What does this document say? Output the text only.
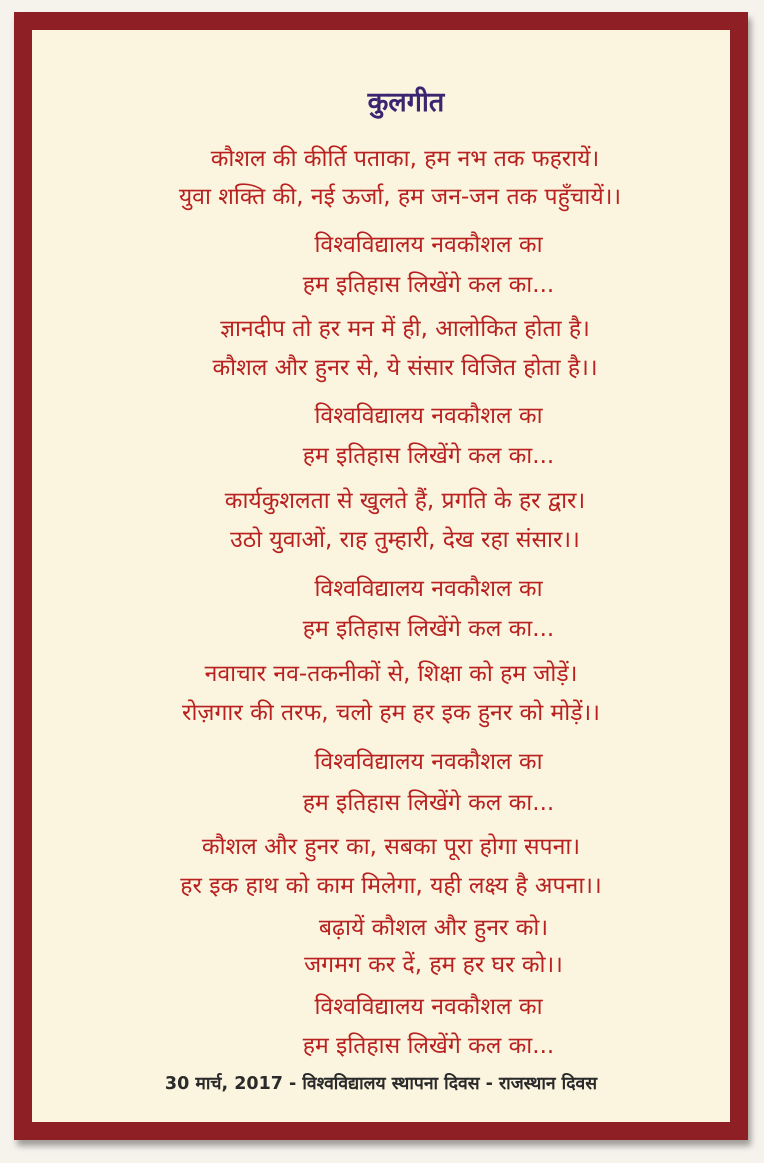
कुलगीत
कौशल की कीर्ति पताका, हम नभ तक फहरायें।
युवा शक्ति की, नई ऊर्जा, हम जन-जन तक पहुँचायें।।
विश्वविद्यालय नवकौशल का
हम इतिहास लिखेंगे कल का...
ज्ञानदीप तो हर मन में ही, आलोकित होता है।
कौशल और हुनर से, ये संसार विजित होता है।।
विश्वविद्यालय नवकौशल का
हम इतिहास लिखेंगे कल का...
कार्यकुशलता से खुलते हैं, प्रगति के हर द्वार।
उठो युवाओं, राह तुम्हारी, देख रहा संसार।।
विश्वविद्यालय नवकौशल का
हम इतिहास लिखेंगे कल का...
नवाचार नव-तकनीकों से, शिक्षा को हम जोड़ें।
रोज़गार की तरफ, चलो हम हर इक हुनर को मोड़ें।।
विश्वविद्यालय नवकौशल का
हम इतिहास लिखेंगे कल का...
कौशल और हुनर का, सबका पूरा होगा सपना।
हर इक हाथ को काम मिलेगा, यही लक्ष्य है अपना।।
बढ़ायें कौशल और हुनर को।
जगमग कर दें, हम हर घर को।।
विश्वविद्यालय नवकौशल का
हम इतिहास लिखेंगे कल का...
30 मार्च, 2017 - विश्वविद्यालय स्थापना दिवस - राजस्थान दिवस
